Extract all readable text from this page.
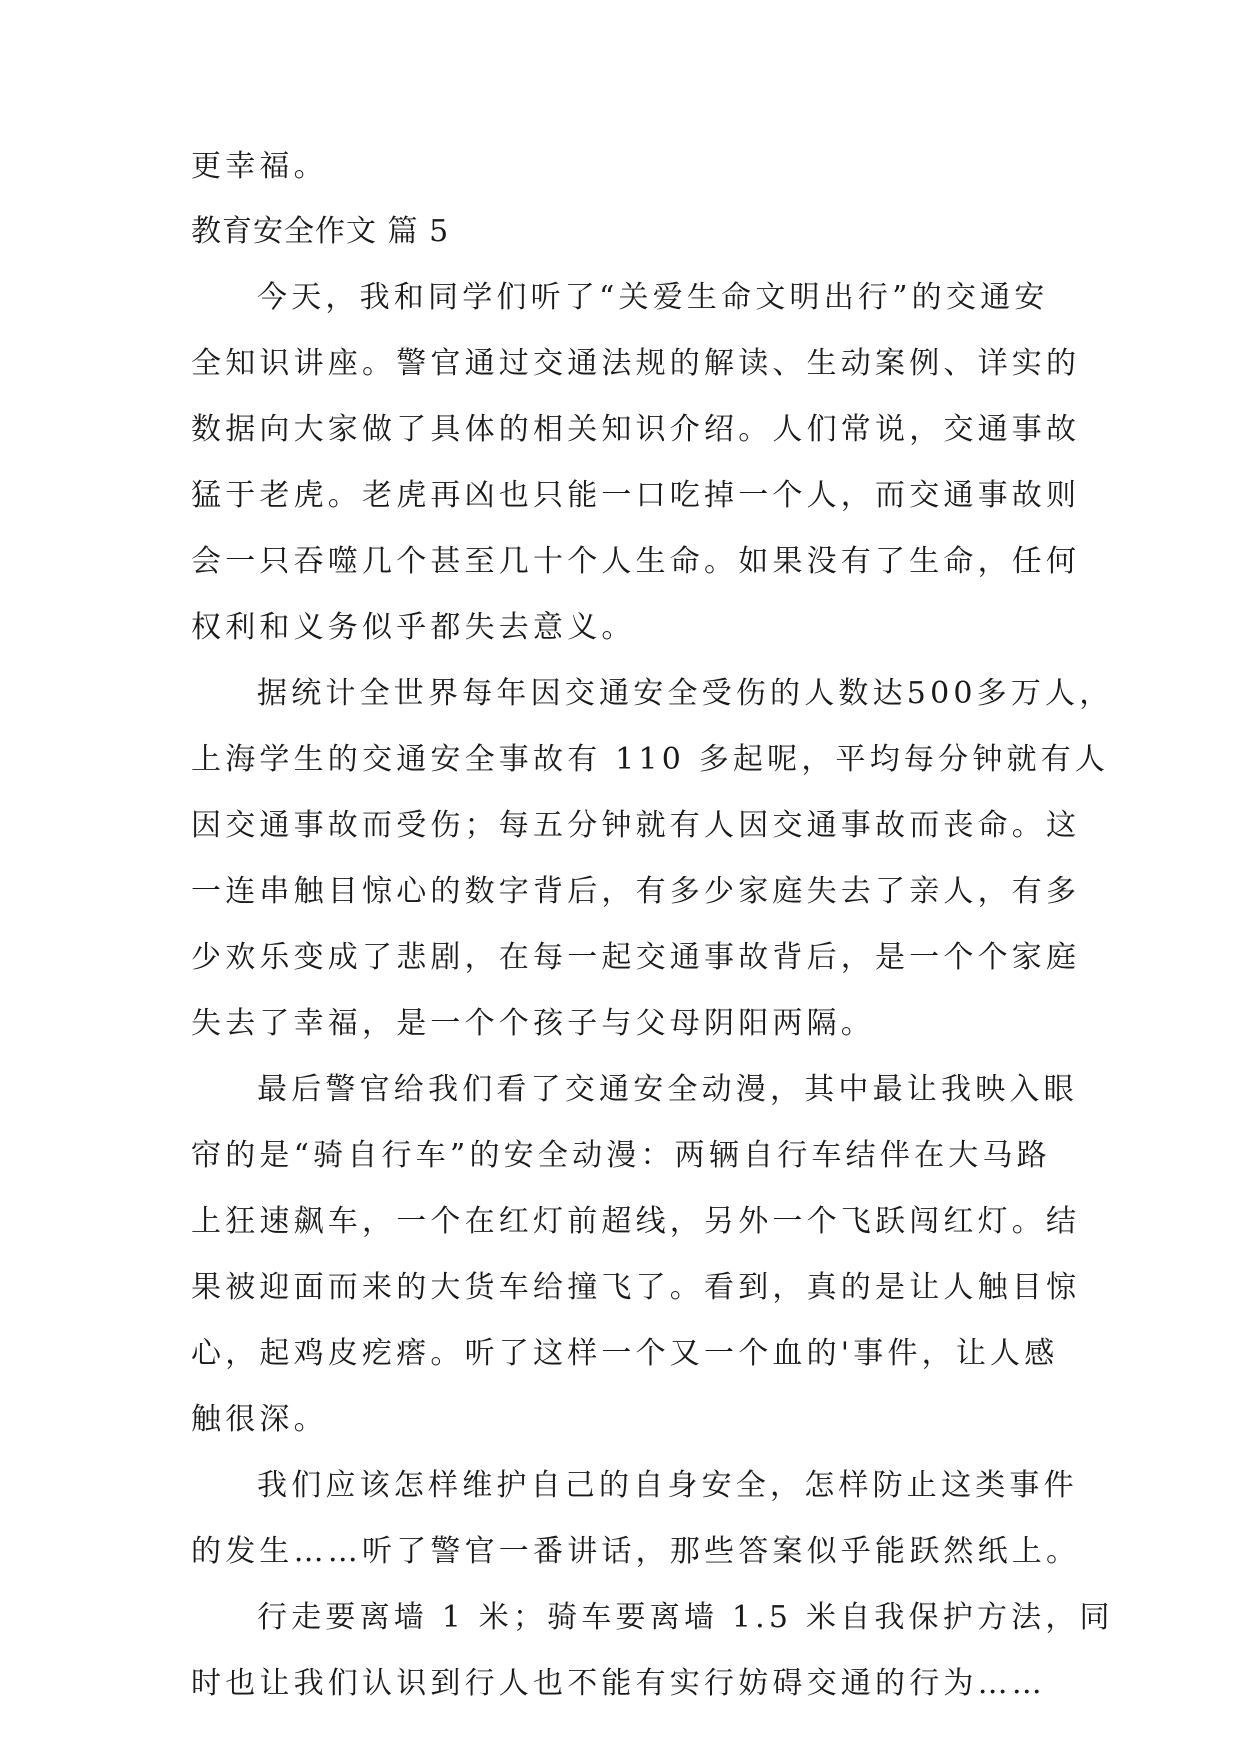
更幸福。
教育安全作文 篇 5
今天，我和同学们听了“关爱生命文明出行”的交通安
全知识讲座。警官通过交通法规的解读、生动案例、详实的
数据向大家做了具体的相关知识介绍。人们常说，交通事故
猛于老虎。老虎再凶也只能一口吃掉一个人，而交通事故则
会一只吞噬几个甚至几十个人生命。如果没有了生命，任何
权利和义务似乎都失去意义。
据统计全世界每年因交通安全受伤的人数达500多万人，
上海学生的交通安全事故有 110 多起呢，平均每分钟就有人
因交通事故而受伤；每五分钟就有人因交通事故而丧命。这
一连串触目惊心的数字背后，有多少家庭失去了亲人，有多
少欢乐变成了悲剧，在每一起交通事故背后，是一个个家庭
失去了幸福，是一个个孩子与父母阴阳两隔。
最后警官给我们看了交通安全动漫，其中最让我映入眼
帘的是“骑自行车”的安全动漫：两辆自行车结伴在大马路
上狂速飙车，一个在红灯前超线，另外一个飞跃闯红灯。结
果被迎面而来的大货车给撞飞了。看到，真的是让人触目惊
心，起鸡皮疙瘩。听了这样一个又一个血的'事件，让人感
触很深。
我们应该怎样维护自己的自身安全，怎样防止这类事件
的发生……听了警官一番讲话，那些答案似乎能跃然纸上。
行走要离墙 1 米；骑车要离墙 1.5 米自我保护方法，同
时也让我们认识到行人也不能有实行妨碍交通的行为……
